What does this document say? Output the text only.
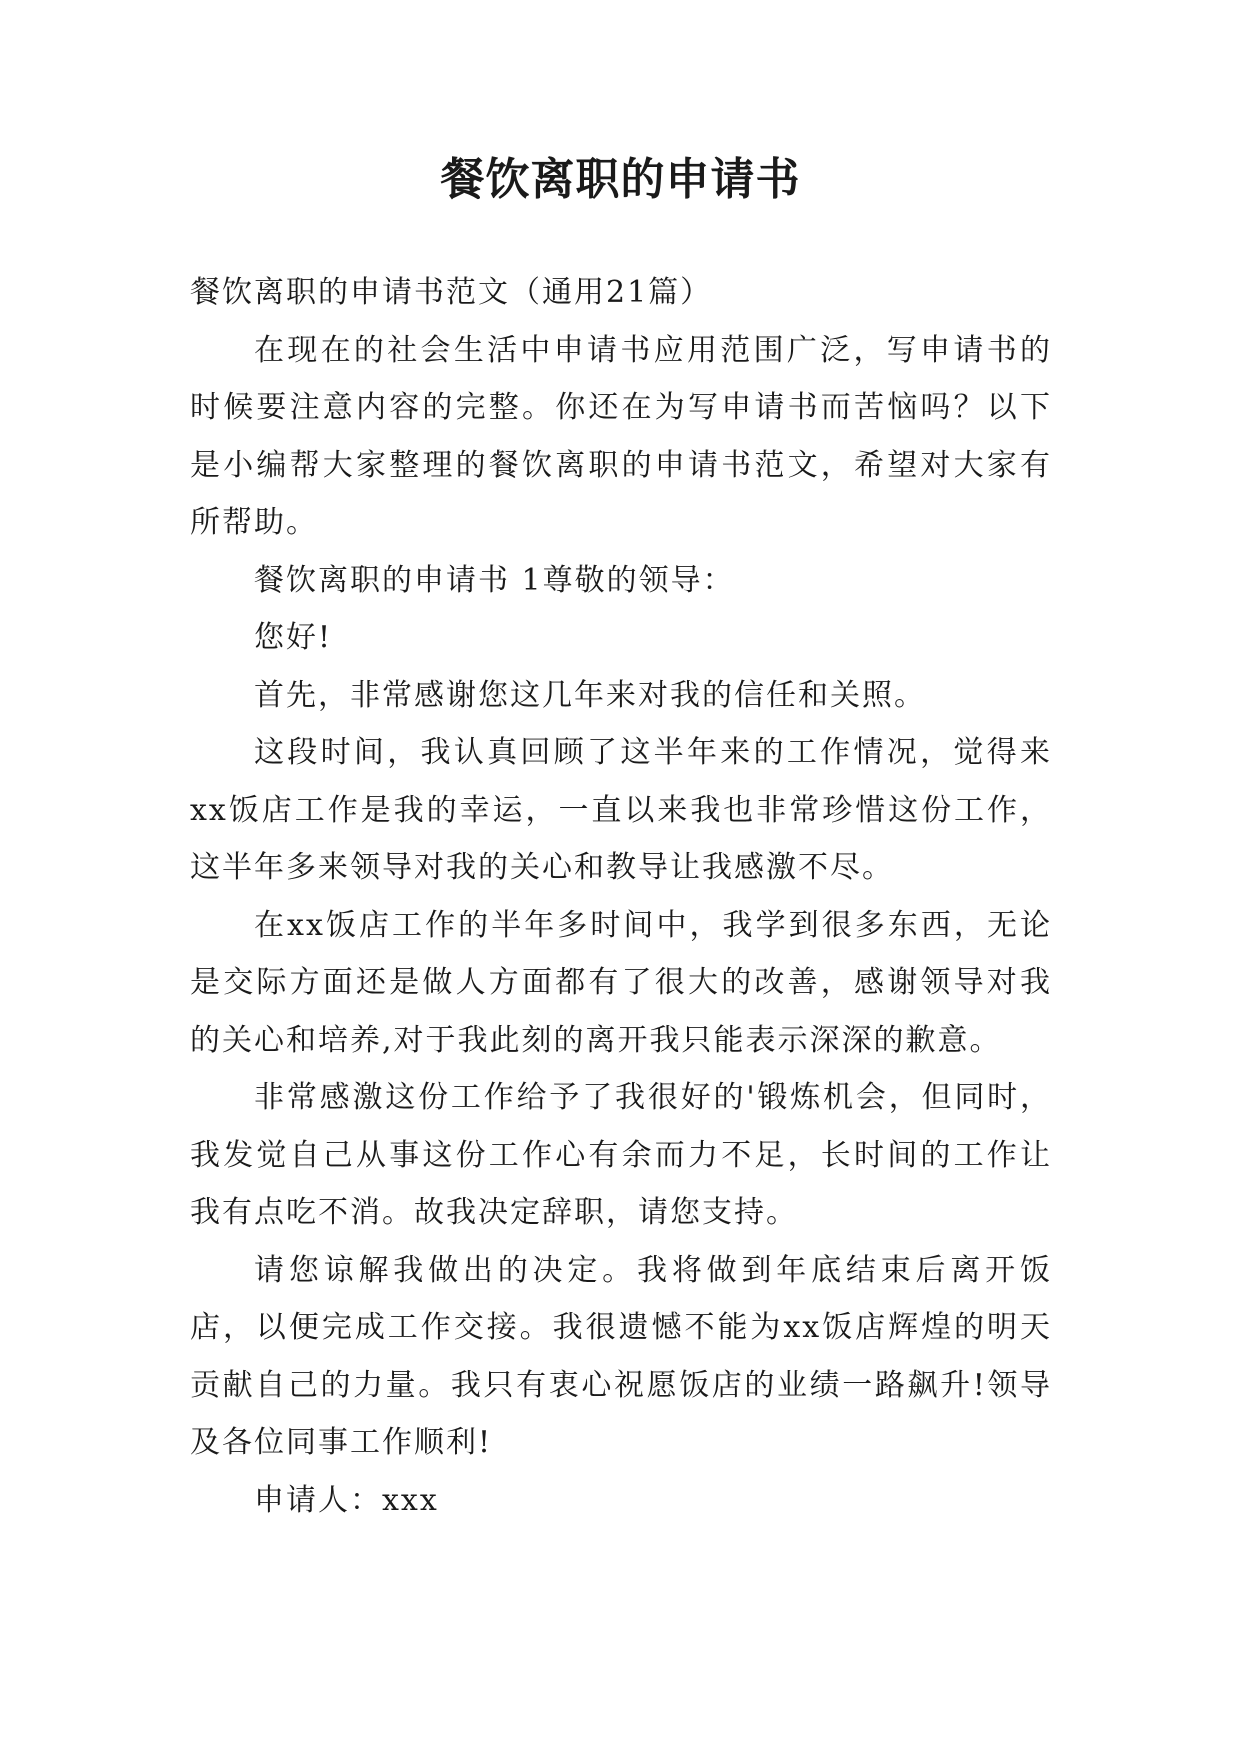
餐饮离职的申请书

餐饮离职的申请书范文（通用21篇）

在现在的社会生活中申请书应用范围广泛，写申请书的时候要注意内容的完整。你还在为写申请书而苦恼吗？以下是小编帮大家整理的餐饮离职的申请书范文，希望对大家有所帮助。

餐饮离职的申请书 1尊敬的领导：

您好!

首先，非常感谢您这几年来对我的信任和关照。

这段时间，我认真回顾了这半年来的工作情况，觉得来xx饭店工作是我的幸运，一直以来我也非常珍惜这份工作，这半年多来领导对我的关心和教导让我感激不尽。

在xx饭店工作的半年多时间中，我学到很多东西，无论是交际方面还是做人方面都有了很大的改善，感谢领导对我的关心和培养,对于我此刻的离开我只能表示深深的歉意。

非常感激这份工作给予了我很好的'锻炼机会，但同时，我发觉自己从事这份工作心有余而力不足，长时间的工作让我有点吃不消。故我决定辞职，请您支持。

请您谅解我做出的决定。我将做到年底结束后离开饭店，以便完成工作交接。我很遗憾不能为xx饭店辉煌的明天贡献自己的力量。我只有衷心祝愿饭店的业绩一路飙升!领导及各位同事工作顺利!

申请人：xxx
